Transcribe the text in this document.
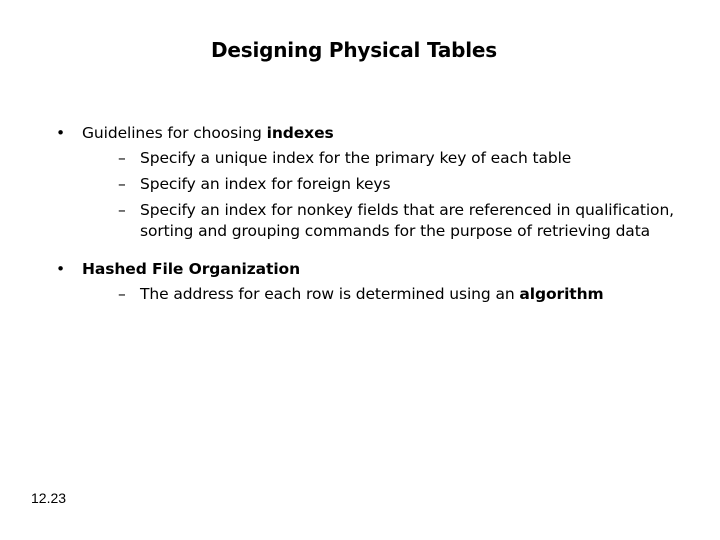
Designing Physical Tables
• Guidelines for choosing indexes
– Specify a unique index for the primary key of each table
– Specify an index for foreign keys
– Specify an index for nonkey fields that are referenced in qualification, sorting and grouping commands for the purpose of retrieving data
• Hashed File Organization
– The address for each row is determined using an algorithm
12.23
